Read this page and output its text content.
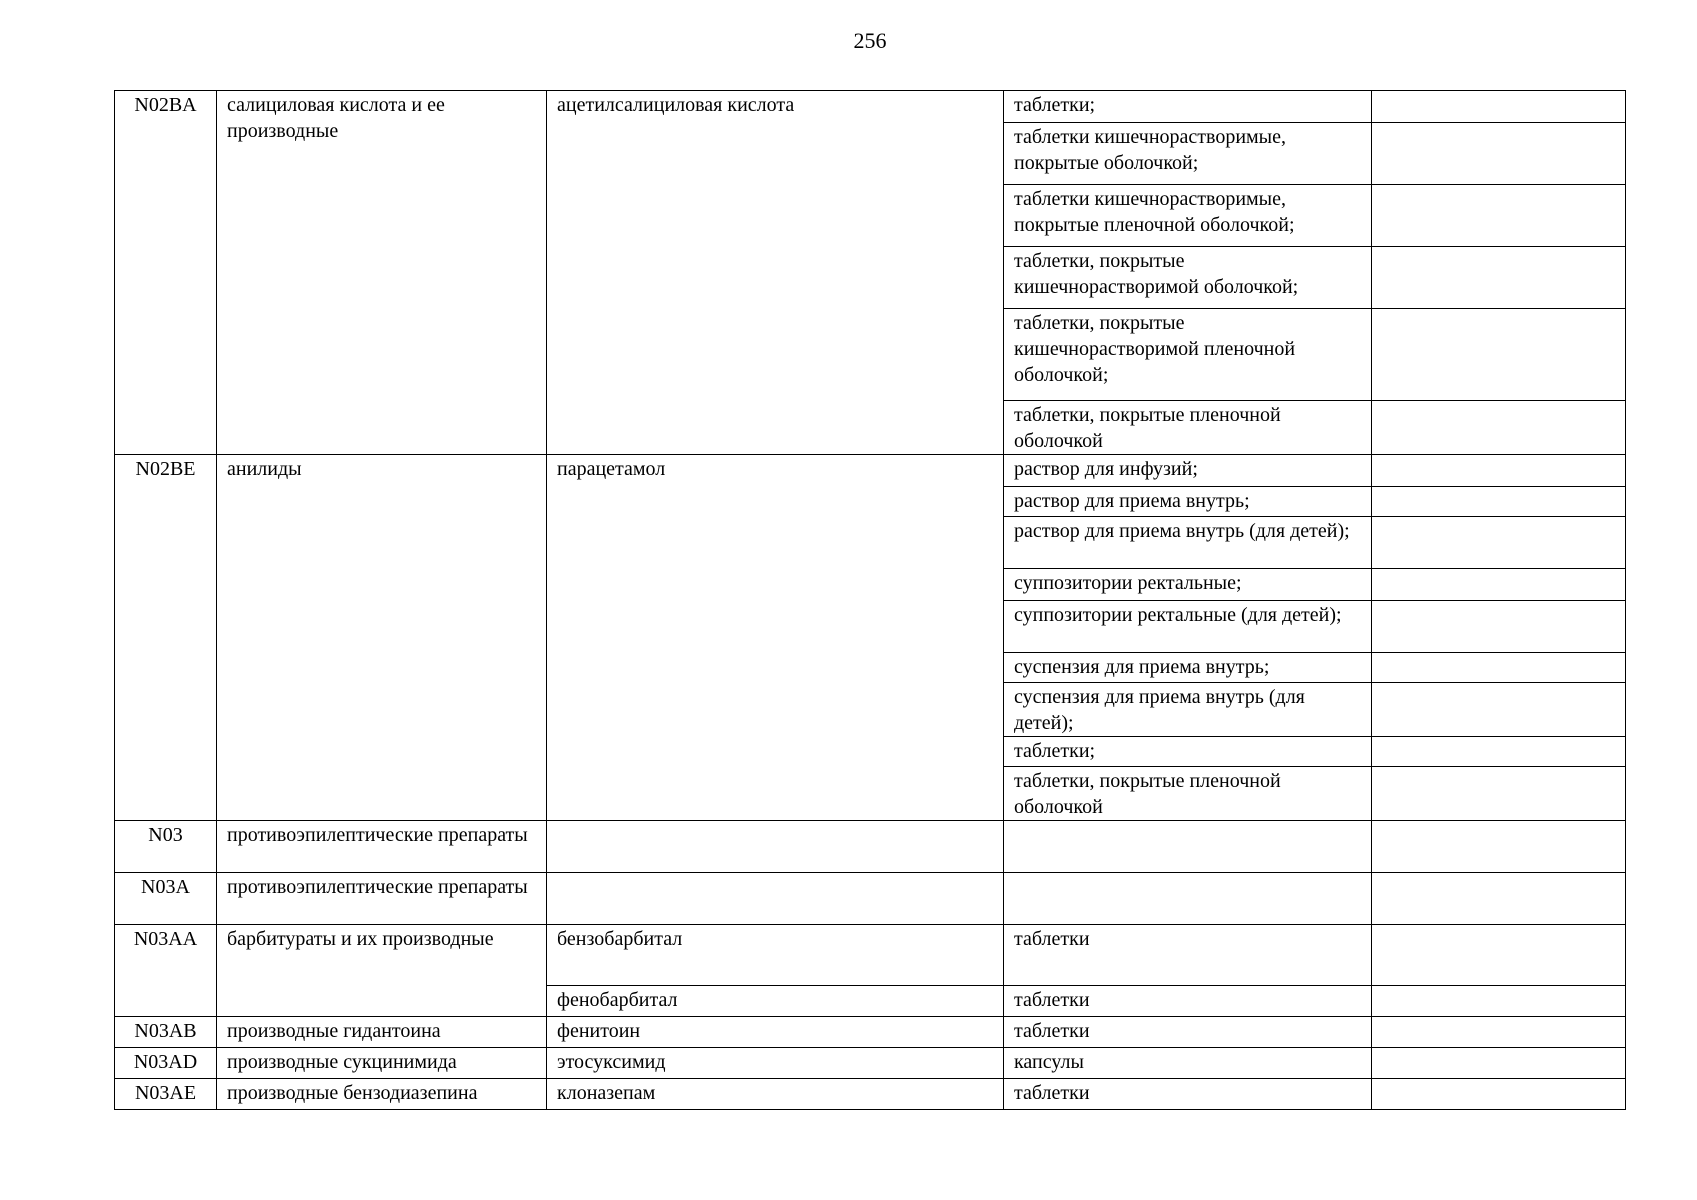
256
N02BA	салициловая кислота и ее производные	ацетилсалициловая кислота	таблетки;	
			таблетки кишечнорастворимые, покрытые оболочкой;	
			таблетки кишечнорастворимые, покрытые пленочной оболочкой;	
			таблетки, покрытые кишечнорастворимой оболочкой;	
			таблетки, покрытые кишечнорастворимой пленочной оболочкой;	
			таблетки, покрытые пленочной оболочкой	
N02BE	анилиды	парацетамол	раствор для инфузий;	
			раствор для приема внутрь;	
			раствор для приема внутрь (для детей);	
			суппозитории ректальные;	
			суппозитории ректальные (для детей);	
			суспензия для приема внутрь;	
			суспензия для приема внутрь (для детей);	
			таблетки;	
			таблетки, покрытые пленочной оболочкой	
N03	противоэпилептические препараты			
N03A	противоэпилептические препараты			
N03AA	барбитураты и их производные	бензобарбитал	таблетки	
		фенобарбитал	таблетки	
N03AB	производные гидантоина	фенитоин	таблетки	
N03AD	производные сукцинимида	этосуксимид	капсулы	
N03AE	производные бензодиазепина	клоназепам	таблетки	
